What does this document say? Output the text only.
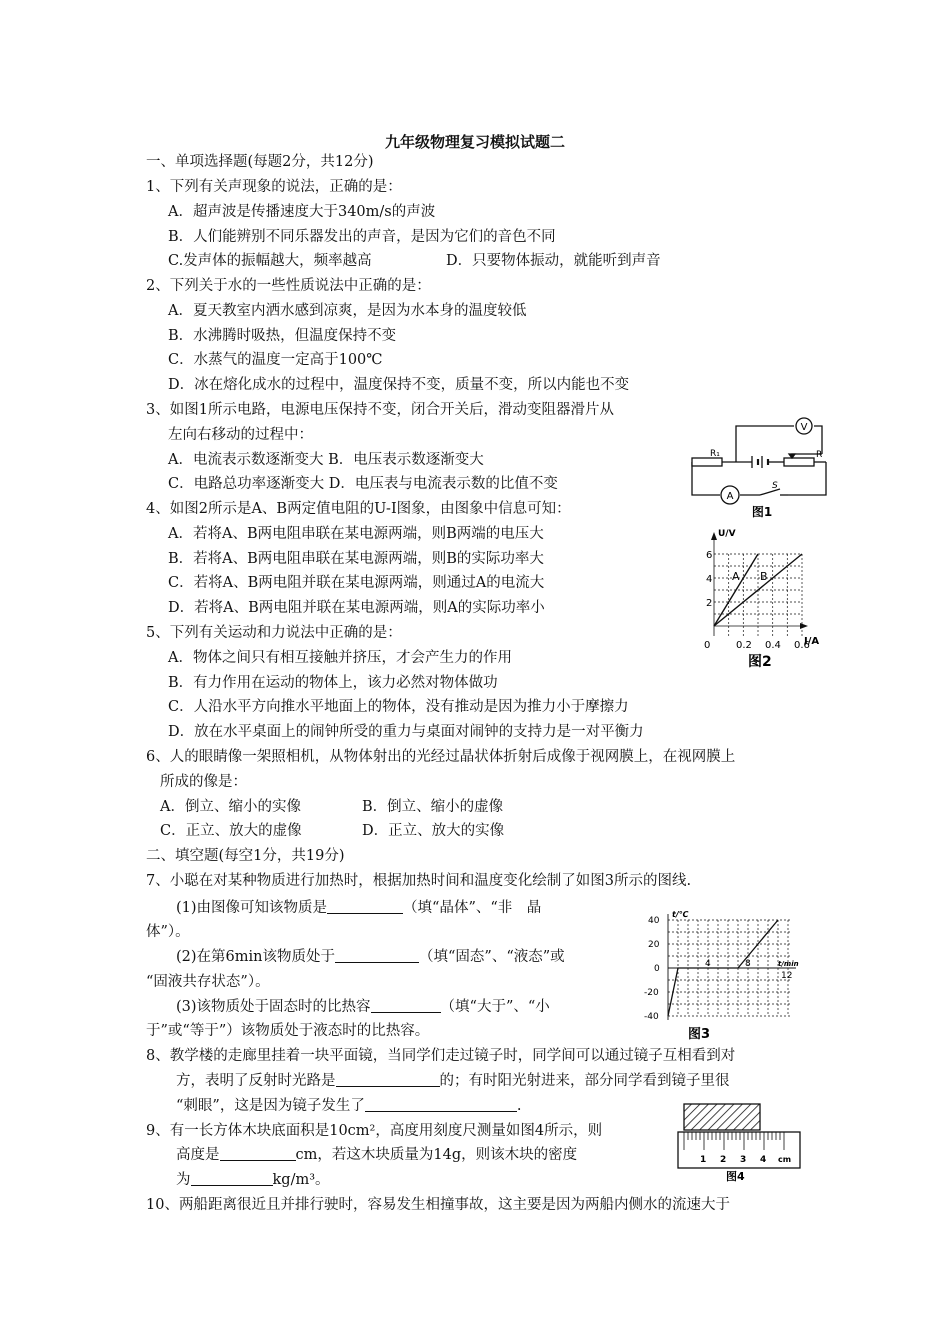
九年级物理复习模拟试题二
一、单项选择题(每题2分，共12分)
1、下列有关声现象的说法，正确的是：
A．超声波是传播速度大于340m/s的声波
B．人们能辨别不同乐器发出的声音，是因为它们的音色不同
C.发声体的振幅越大，频率越高	D．只要物体振动，就能听到声音
2、下列关于水的一些性质说法中正确的是：
A．夏天教室内洒水感到凉爽，是因为水本身的温度较低
B．水沸腾时吸热，但温度保持不变
C．水蒸气的温度一定高于100℃
D．冰在熔化成水的过程中，温度保持不变，质量不变，所以内能也不变
3、如图1所示电路，电源电压保持不变，闭合开关后，滑动变阻器滑片从
左向右移动的过程中：
A．电流表示数逐渐变大 B．电压表示数逐渐变大
C．电路总功率逐渐变大 D．电压表与电流表示数的比值不变
4、如图2所示是A、B两定值电阻的U-I图象，由图象中信息可知：
A．若将A、B两电阻串联在某电源两端，则B两端的电压大
B．若将A、B两电阻串联在某电源两端，则B的实际功率大
C．若将A、B两电阻并联在某电源两端，则通过A的电流大
D．若将A、B两电阻并联在某电源两端，则A的实际功率小
5、下列有关运动和力说法中正确的是：
A．物体之间只有相互接触并挤压，才会产生力的作用
B．有力作用在运动的物体上，该力必然对物体做功
C．人沿水平方向推水平地面上的物体，没有推动是因为推力小于摩擦力
D．放在水平桌面上的闹钟所受的重力与桌面对闹钟的支持力是一对平衡力
6、人的眼睛像一架照相机，从物体射出的光经过晶状体折射后成像于视网膜上，在视网膜上
所成的像是：
A．倒立、缩小的实像	B．倒立、缩小的虚像
C．正立、放大的虚像	D．正立、放大的实像
二、填空题(每空1分，共19分)
7、小聪在对某种物质进行加热时，根据加热时间和温度变化绘制了如图3所示的图线.
(1)由图像可知该物质是	（填“晶体”、“非　晶
体”）。
(2)在第6min该物质处于	（填“固态”、“液态”或
“固液共存状态”）。
(3)该物质处于固态时的比热容	（填“大于”、“小
于”或“等于”）该物质处于液态时的比热容。
8、教学楼的走廊里挂着一块平面镜，当同学们走过镜子时，同学间可以通过镜子互相看到对
方，表明了反射时光路是	的；有时阳光射进来，部分同学看到镜子里很
“刺眼”，这是因为镜子发生了	.
9、有一长方体木块底面积是10cm²，高度用刻度尺测量如图4所示，则
高度是	cm，若这木块质量为14g，则该木块的密度
为	kg/m³。
10、两船距离很近且并排行驶时，容易发生相撞事故，这主要是因为两船内侧水的流速大于
V
A
R₁	R
S
图1
U/V
I/A
2
4
6
0	0.2 0.4 0.6
A B
图2
t/℃
t/min
40
20
0
-20
-40
4	8
12
图3
1 2 3 4 cm
图4
